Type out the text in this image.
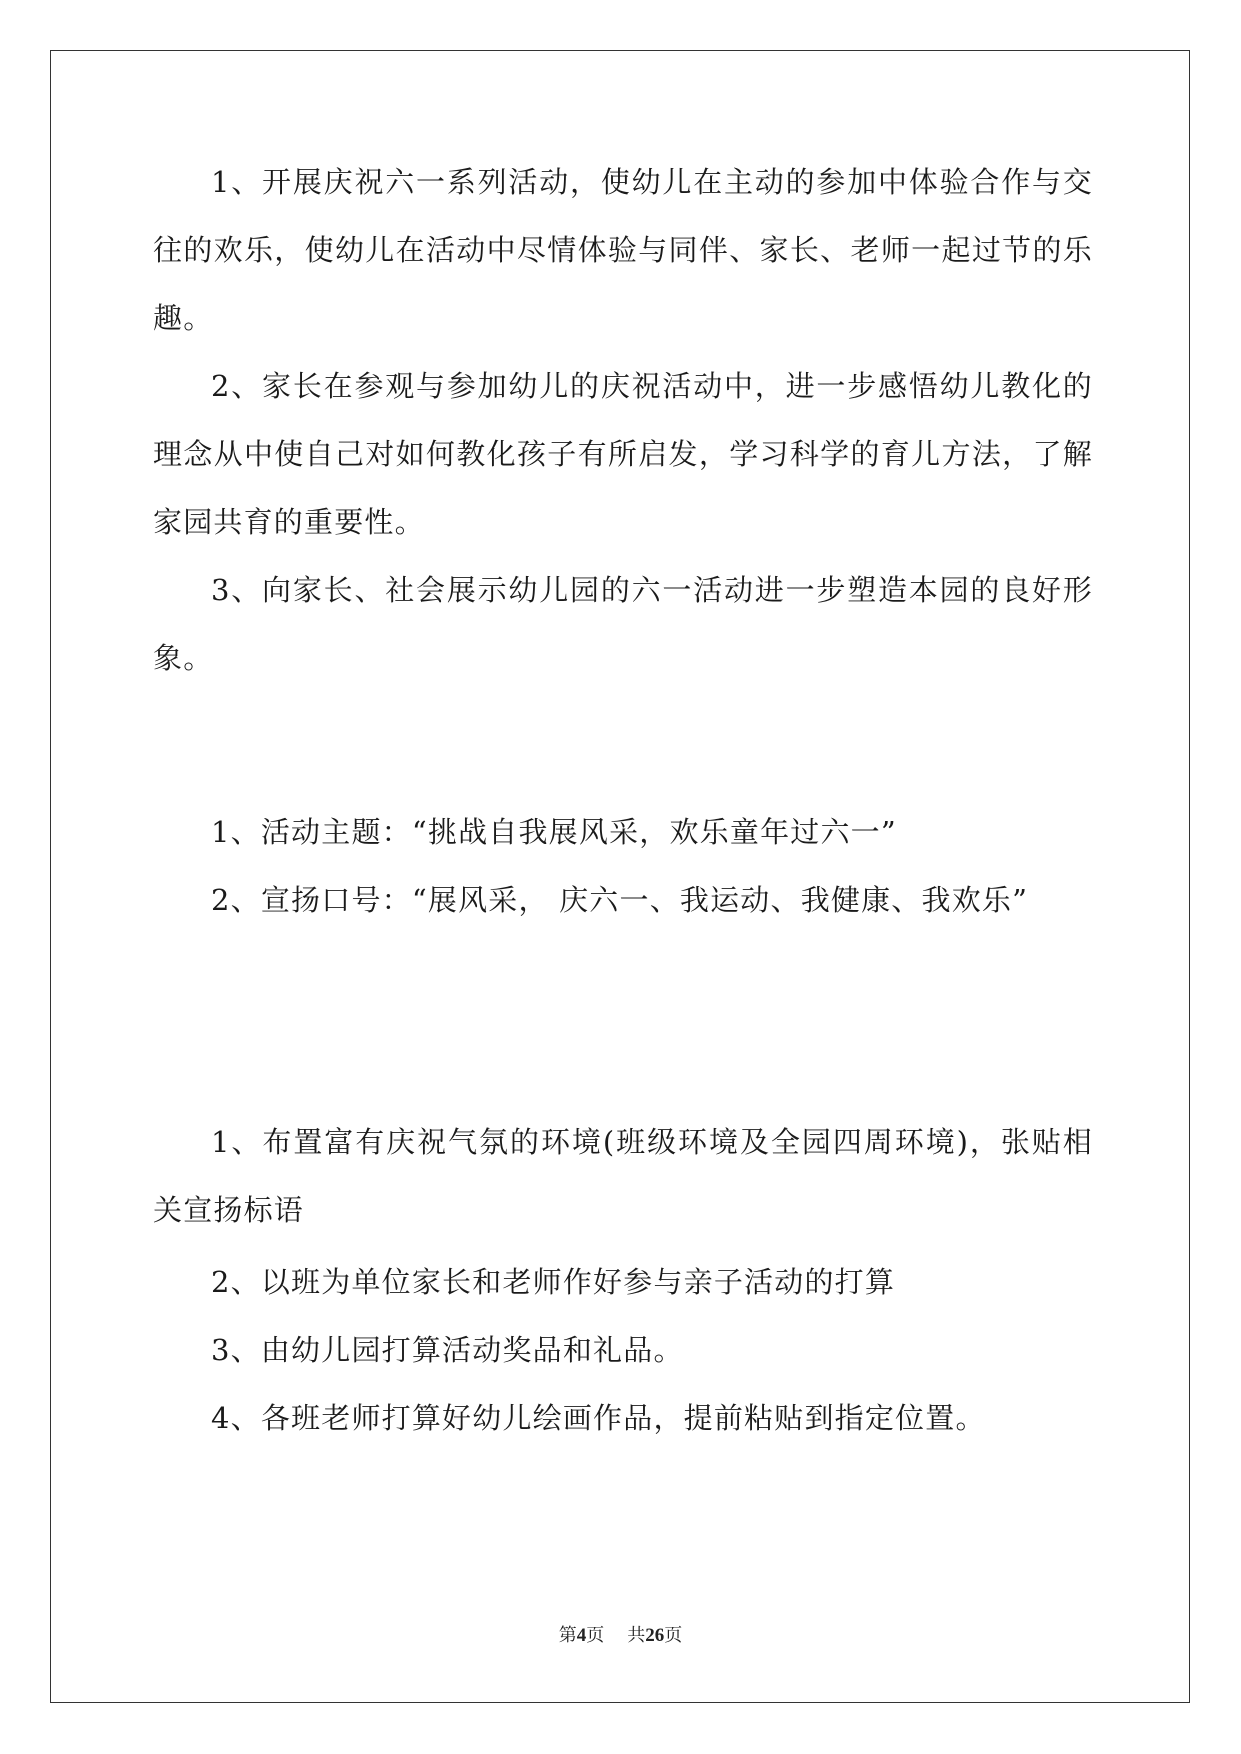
1、开展庆祝六一系列活动，使幼儿在主动的参加中体验合作与交往的欢乐，使幼儿在活动中尽情体验与同伴、家长、老师一起过节的乐趣。

2、家长在参观与参加幼儿的庆祝活动中，进一步感悟幼儿教化的理念从中使自己对如何教化孩子有所启发，学习科学的育儿方法，了解家园共育的重要性。

3、向家长、社会展示幼儿园的六一活动进一步塑造本园的良好形象。

1、活动主题：“挑战自我展风采，欢乐童年过六一”

2、宣扬口号：“展风采， 庆六一、我运动、我健康、我欢乐”

1、布置富有庆祝气氛的环境(班级环境及全园四周环境)，张贴相关宣扬标语

2、以班为单位家长和老师作好参与亲子活动的打算

3、由幼儿园打算活动奖品和礼品。

4、各班老师打算好幼儿绘画作品，提前粘贴到指定位置。

第4页 共26页
